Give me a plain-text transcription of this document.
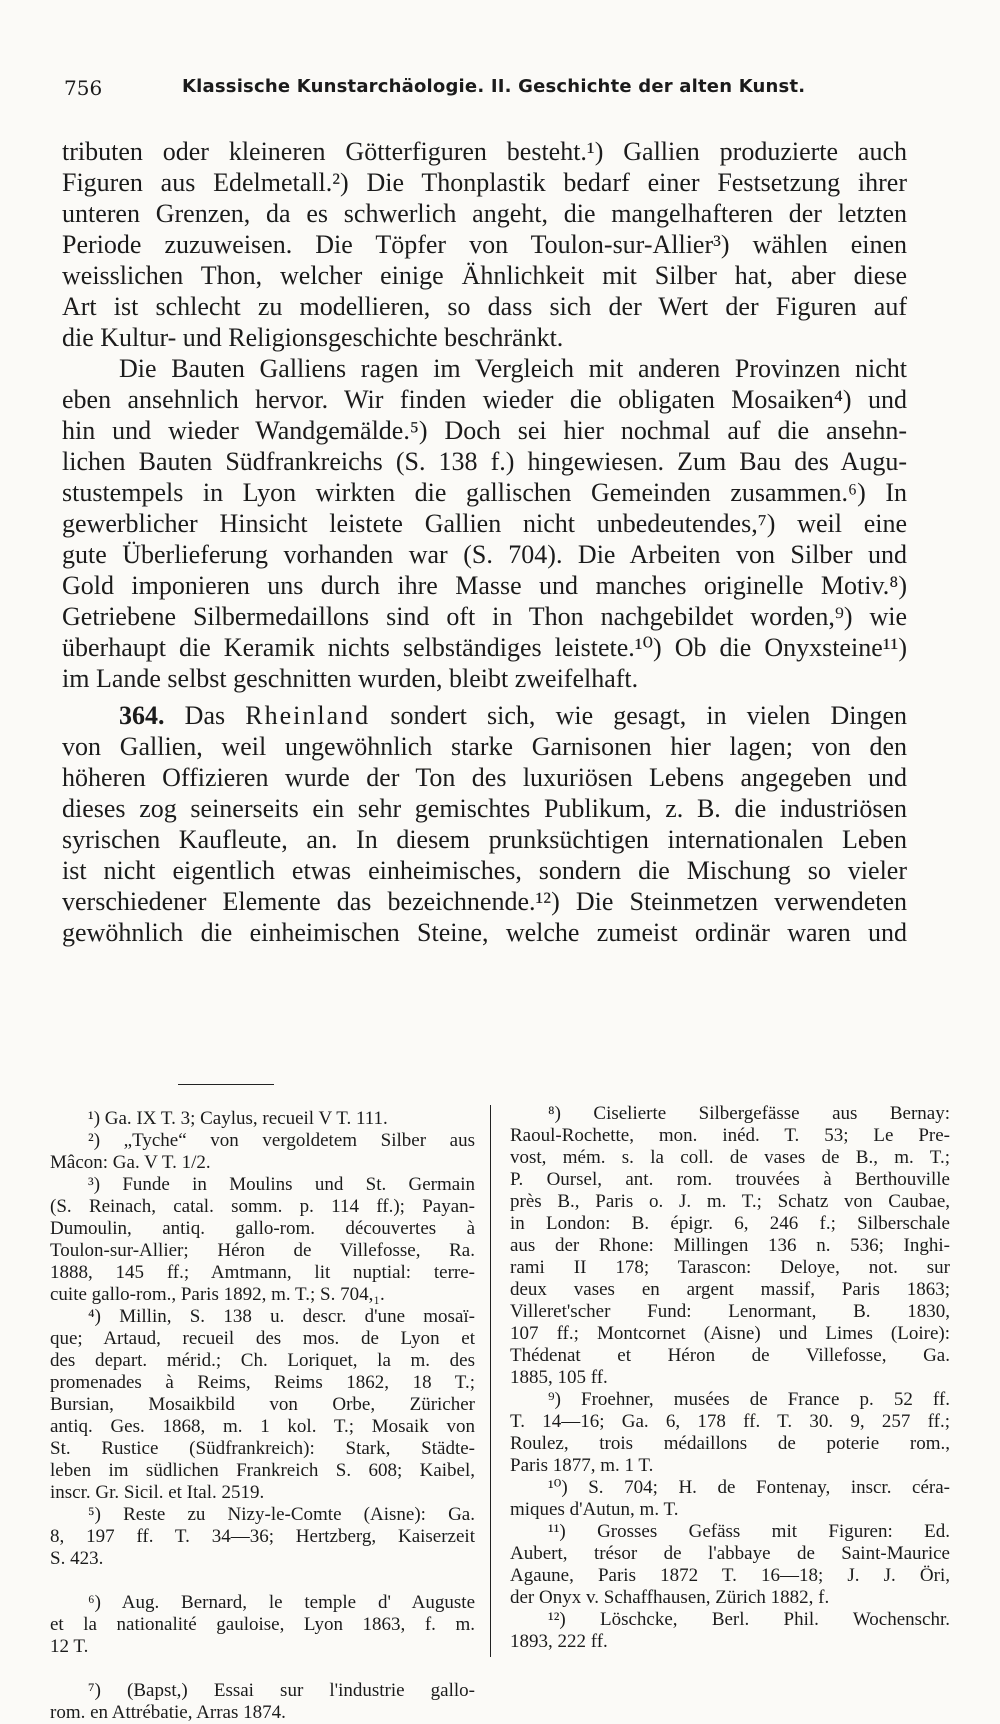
756	Klassische Kunstarchäologie. II. Geschichte der alten Kunst.
tributen oder kleineren Götterfiguren besteht.¹) Gallien produzierte auch
Figuren aus Edelmetall.²) Die Thonplastik bedarf einer Festsetzung ihrer
unteren Grenzen, da es schwerlich angeht, die mangelhafteren der letzten
Periode zuzuweisen. Die Töpfer von Toulon-sur-Allier³) wählen einen
weisslichen Thon, welcher einige Ähnlichkeit mit Silber hat, aber diese
Art ist schlecht zu modellieren, so dass sich der Wert der Figuren auf
die Kultur- und Religionsgeschichte beschränkt.
Die Bauten Galliens ragen im Vergleich mit anderen Provinzen nicht
eben ansehnlich hervor. Wir finden wieder die obligaten Mosaiken⁴) und
hin und wieder Wandgemälde.⁵) Doch sei hier nochmal auf die ansehn-
lichen Bauten Südfrankreichs (S. 138 f.) hingewiesen. Zum Bau des Augu-
stustempels in Lyon wirkten die gallischen Gemeinden zusammen.⁶) In
gewerblicher Hinsicht leistete Gallien nicht unbedeutendes,⁷) weil eine
gute Überlieferung vorhanden war (S. 704). Die Arbeiten von Silber und
Gold imponieren uns durch ihre Masse und manches originelle Motiv.⁸)
Getriebene Silbermedaillons sind oft in Thon nachgebildet worden,⁹) wie
überhaupt die Keramik nichts selbständiges leistete.¹⁰) Ob die Onyxsteine¹¹)
im Lande selbst geschnitten wurden, bleibt zweifelhaft.
364. Das Rheinland sondert sich, wie gesagt, in vielen Dingen
von Gallien, weil ungewöhnlich starke Garnisonen hier lagen; von den
höheren Offizieren wurde der Ton des luxuriösen Lebens angegeben und
dieses zog seinerseits ein sehr gemischtes Publikum, z. B. die industriösen
syrischen Kaufleute, an. In diesem prunksüchtigen internationalen Leben
ist nicht eigentlich etwas einheimisches, sondern die Mischung so vieler
verschiedener Elemente das bezeichnende.¹²) Die Steinmetzen verwendeten
gewöhnlich die einheimischen Steine, welche zumeist ordinär waren und
¹) Ga. IX T. 3; Caylus, recueil V T. 111.
²) „Tyche“ von vergoldetem Silber aus
Mâcon: Ga. V T. 1/2.
³) Funde in Moulins und St. Germain
(S. Reinach, catal. somm. p. 114 ff.); Payan-
Dumoulin, antiq. gallo-rom. découvertes à
Toulon-sur-Allier; Héron de Villefosse, Ra.
1888, 145 ff.; Amtmann, lit nuptial: terre-
cuite gallo-rom., Paris 1892, m. T.; S. 704,₁.
⁴) Millin, S. 138 u. descr. d'une mosaï-
que; Artaud, recueil des mos. de Lyon et
des depart. mérid.; Ch. Loriquet, la m. des
promenades à Reims, Reims 1862, 18 T.;
Bursian, Mosaikbild von Orbe, Züricher
antiq. Ges. 1868, m. 1 kol. T.; Mosaik von
St. Rustice (Südfrankreich): Stark, Städte-
leben im südlichen Frankreich S. 608; Kaibel,
inscr. Gr. Sicil. et Ital. 2519.
⁵) Reste zu Nizy-le-Comte (Aisne): Ga.
8, 197 ff. T. 34—36; Hertzberg, Kaiserzeit
S. 423.
⁶) Aug. Bernard, le temple d' Auguste
et la nationalité gauloise, Lyon 1863, f. m.
12 T.
⁷) (Bapst,) Essai sur l'industrie gallo-
rom. en Attrébatie, Arras 1874.
⁸) Ciselierte Silbergefässe aus Bernay:
Raoul-Rochette, mon. inéd. T. 53; Le Pre-
vost, mém. s. la coll. de vases de B., m. T.;
P. Oursel, ant. rom. trouvées à Berthouville
près B., Paris o. J. m. T.; Schatz von Caubae,
in London: B. épigr. 6, 246 f.; Silberschale
aus der Rhone: Millingen 136 n. 536; Inghi-
rami II 178; Tarascon: Deloye, not. sur
deux vases en argent massif, Paris 1863;
Villeret'scher Fund: Lenormant, B. 1830,
107 ff.; Montcornet (Aisne) und Limes (Loire):
Thédenat et Héron de Villefosse, Ga.
1885, 105 ff.
⁹) Froehner, musées de France p. 52 ff.
T. 14—16; Ga. 6, 178 ff. T. 30. 9, 257 ff.;
Roulez, trois médaillons de poterie rom.,
Paris 1877, m. 1 T.
¹⁰) S. 704; H. de Fontenay, inscr. céra-
miques d'Autun, m. T.
¹¹) Grosses Gefäss mit Figuren: Ed.
Aubert, trésor de l'abbaye de Saint-Maurice
Agaune, Paris 1872 T. 16—18; J. J. Öri,
der Onyx v. Schaffhausen, Zürich 1882, f.
¹²) Löschcke, Berl. Phil. Wochenschr.
1893, 222 ff.
